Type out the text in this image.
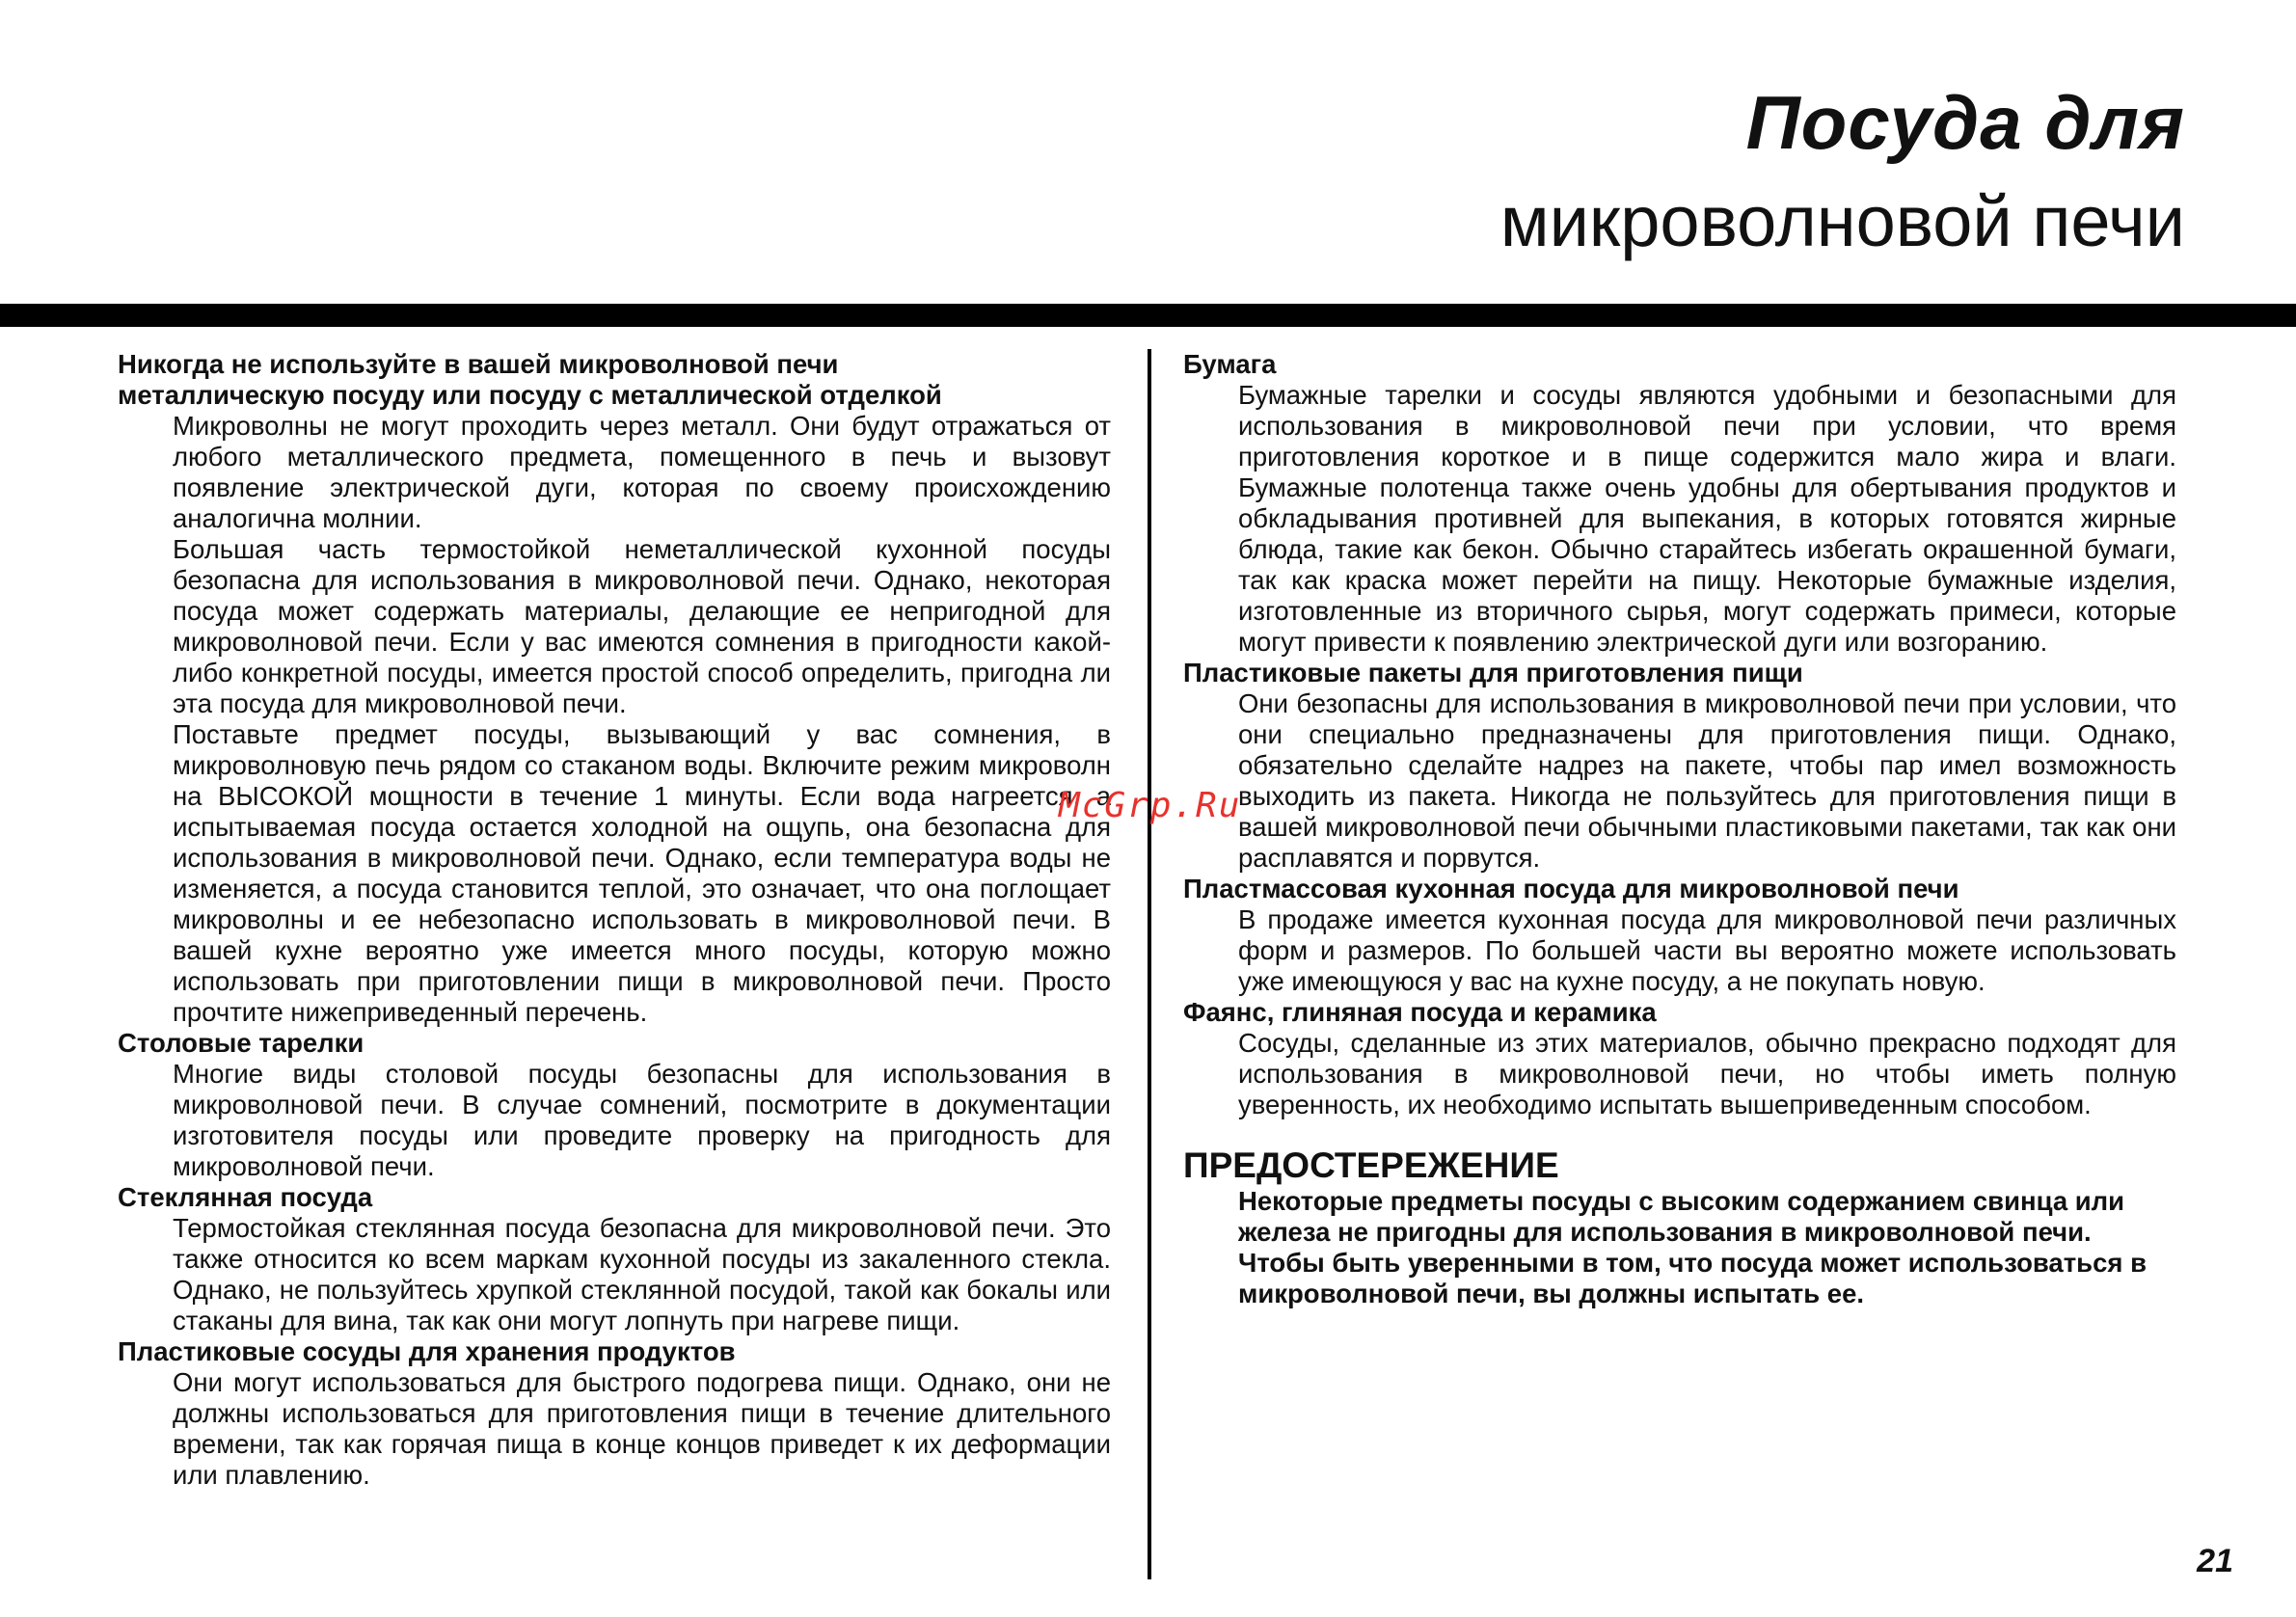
Посуда для
микроволновой печи

Никогда не используйте в вашей микроволновой печи

металлическую посуду или посуду с металлической отделкой

Микроволны не могут проходить через металл. Они будут отражаться от любого металлического предмета, помещенного в печь и вызовут появление электрической дуги, которая по своему происхождению аналогична молнии.

Большая часть термостойкой неметаллической кухонной посуды безопасна для использования в микроволновой печи. Однако, некоторая посуда может содержать материалы, делающие ее непригодной для микроволновой печи. Если у вас имеются сомнения в пригодности какой-либо конкретной посуды, имеется простой способ определить, пригодна ли эта посуда для микроволновой печи.

Поставьте предмет посуды, вызывающий у вас сомнения, в микроволновую печь рядом со стаканом воды. Включите режим микроволн на ВЫСОКОЙ мощности в течение 1 минуты. Если вода нагреется, а испытываемая посуда остается холодной на ощупь, она безопасна для использования в микроволновой печи. Однако, если температура воды не изменяется, а посуда становится теплой, это означает, что она поглощает микроволны и ее небезопасно использовать в микроволновой печи. В вашей кухне вероятно уже имеется много посуды, которую можно использовать при приготовлении пищи в микроволновой печи. Просто прочтите нижеприведенный перечень.

Столовые тарелки

Многие виды столовой посуды безопасны для использования в микроволновой печи. В случае сомнений, посмотрите в документации изготовителя посуды или проведите проверку на пригодность для микроволновой печи.

Стеклянная посуда

Термостойкая стеклянная посуда безопасна для микроволновой печи. Это также относится ко всем маркам кухонной посуды из закаленного стекла. Однако, не пользуйтесь хрупкой стеклянной посудой, такой как бокалы или стаканы для вина, так как они могут лопнуть при нагреве пищи.

Пластиковые сосуды для хранения продуктов

Они могут использоваться для быстрого подогрева пищи. Однако, они не должны использоваться для приготовления пищи в течение длительного времени, так как горячая пища в конце концов приведет к их деформации или плавлению.

Бумага

Бумажные тарелки и сосуды являются удобными и безопасными для использования в микроволновой печи при условии, что время приготовления короткое и в пище содержится мало жира и влаги. Бумажные полотенца также очень удобны для обертывания продуктов и обкладывания противней для выпекания, в которых готовятся жирные блюда, такие как бекон. Обычно старайтесь избегать окрашенной бумаги, так как краска может перейти на пищу. Некоторые бумажные изделия, изготовленные из вторичного сырья, могут содержать примеси, которые могут привести к появлению электрической дуги или возгоранию.

Пластиковые пакеты для приготовления пищи

Они безопасны для использования в микроволновой печи при условии, что они специально предназначены для приготовления пищи. Однако, обязательно сделайте надрез на пакете, чтобы пар имел возможность выходить из пакета. Никогда не пользуйтесь для приготовления пищи в вашей микроволновой печи обычными пластиковыми пакетами, так как они расплавятся и порвутся.

Пластмассовая кухонная посуда для микроволновой печи

В продаже имеется кухонная посуда для микроволновой печи различных форм и размеров. По большей части вы вероятно можете использовать уже имеющуюся у вас на кухне посуду, а не покупать новую.

Фаянс, глиняная посуда и керамика

Сосуды, сделанные из этих материалов, обычно прекрасно подходят для использования в микроволновой печи, но чтобы иметь полную уверенность, их необходимо испытать вышеприведенным способом.

ПРЕДОСТЕРЕЖЕНИЕ

Некоторые предметы посуды с высоким содержанием свинца или железа не пригодны для использования в микроволновой печи.

Чтобы быть уверенными в том, что посуда может использоваться в микроволновой печи, вы должны испытать ее.

McGrp.Ru
21
